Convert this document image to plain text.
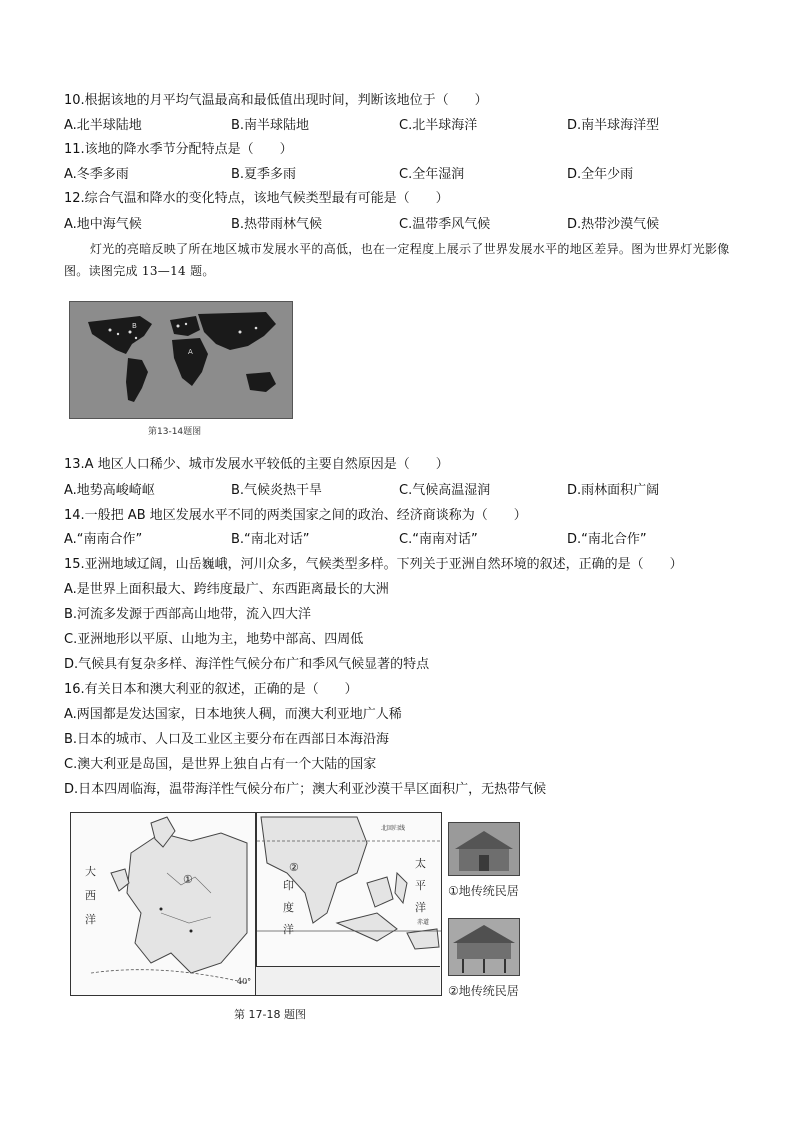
10.根据该地的月平均气温最高和最低值出现时间，判断该地位于（　　）
A.北半球陆地	B.南半球陆地	C.北半球海洋	D.南半球海洋型
11.该地的降水季节分配特点是（　　）
A.冬季多雨	B.夏季多雨	C.全年湿润	D.全年少雨
12.综合气温和降水的变化特点，该地气候类型最有可能是（　　）
A.地中海气候	B.热带雨林气候	C.温带季风气候	D.热带沙漠气候
灯光的亮暗反映了所在地区城市发展水平的高低，也在一定程度上展示了世界发展水平的地区差异。图为世界灯光影像图。读图完成 13—14 题。
A
B
第13-14题图
13.A 地区人口稀少、城市发展水平较低的主要自然原因是（　　）
A.地势高峻崎岖	B.气候炎热干旱	C.气候高温湿润	D.雨林面积广阔
14.一般把 AB 地区发展水平不同的两类国家之间的政治、经济商谈称为（　　）
A.“南南合作”	B.“南北对话”	C.“南南对话”	D.“南北合作”
15.亚洲地域辽阔，山岳巍峨，河川众多，气候类型多样。下列关于亚洲自然环境的叙述，正确的是（　　）
A.是世界上面积最大、跨纬度最广、东西距离最长的大洲
B.河流多发源于西部高山地带，流入四大洋
C.亚洲地形以平原、山地为主，地势中部高、四周低
D.气候具有复杂多样、海洋性气候分布广和季风气候显著的特点
16.有关日本和澳大利亚的叙述，正确的是（　　）
A.两国都是发达国家，日本地狭人稠，而澳大利亚地广人稀
B.日本的城市、人口及工业区主要分布在西部日本海沿海
C.澳大利亚是岛国，是世界上独自占有一个大陆的国家
D.日本四周临海，温带海洋性气候分布广；澳大利亚沙漠干旱区面积广，无热带气候
大
西
洋
①
40°
北回归线
赤道
②
印
度
洋
太
平
洋
①地传统民居
②地传统民居
第 17-18 题图
